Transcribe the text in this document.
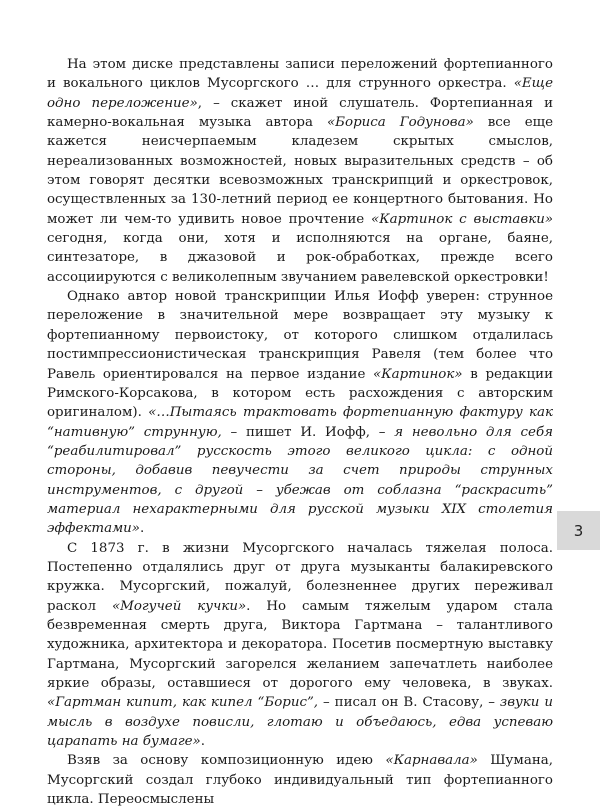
На этом диске представлены записи переложений фортепианного и вокального циклов Мусоргского … для струнного оркестра. «Еще одно переложение», – скажет иной слушатель. Фортепианная и камерно-вокальная музыка автора «Бориса Годунова» все еще кажется неисчерпаемым кладезем скрытых смыслов, нереализованных возможностей, новых выразительных средств – об этом говорят десятки всевозможных транскрипций и оркестровок, осуществленных за 130-летний период ее концертного бытования. Но может ли чем-то удивить новое прочтение «Картинок с выставки» сегодня, когда они, хотя и исполняются на органе, баяне, синтезаторе, в джазовой и рок-обработках, прежде всего ассоциируются с великолепным звучанием равелевской оркестровки!

Однако автор новой транскрипции Илья Иофф уверен: струнное переложение в значительной мере возвращает эту музыку к фортепианному первоистоку, от которого слишком отдалилась постимпрессионистическая транскрипция Равеля (тем более что Равель ориентировался на первое издание «Картинок» в редакции Римского-Корсакова, в котором есть расхождения с авторским оригиналом). «…Пытаясь трактовать фортепианную фактуру как “нативную” струнную, – пишет И. Иофф, – я невольно для себя “реабилитировал” русскость этого великого цикла: с одной стороны, добавив певучести за счет природы струнных инструментов, с другой – убежав от соблазна “раскрасить” материал нехарактерными для русской музыки XIX столетия эффектами».

С 1873 г. в жизни Мусоргского началась тяжелая полоса. Постепенно отдалялись друг от друга музыканты балакиревского кружка. Мусоргский, пожалуй, болезненнее других переживал раскол «Могучей кучки». Но самым тяжелым ударом стала безвременная смерть друга, Виктора Гартмана – талантливого художника, архитектора и декоратора. Посетив посмертную выставку Гартмана, Мусоргский загорелся желанием запечатлеть наиболее яркие образы, оставшиеся от дорогого ему человека, в звуках. «Гартман кипит, как кипел “Борис”, – писал он В. Стасову, – звуки и мысль в воздухе повисли, глотаю и объедаюсь, едва успеваю царапать на бумаге».

Взяв за основу композиционную идею «Карнавала» Шумана, Мусоргский создал глубоко индивидуальный тип фортепианного цикла. Переосмыслены

3
